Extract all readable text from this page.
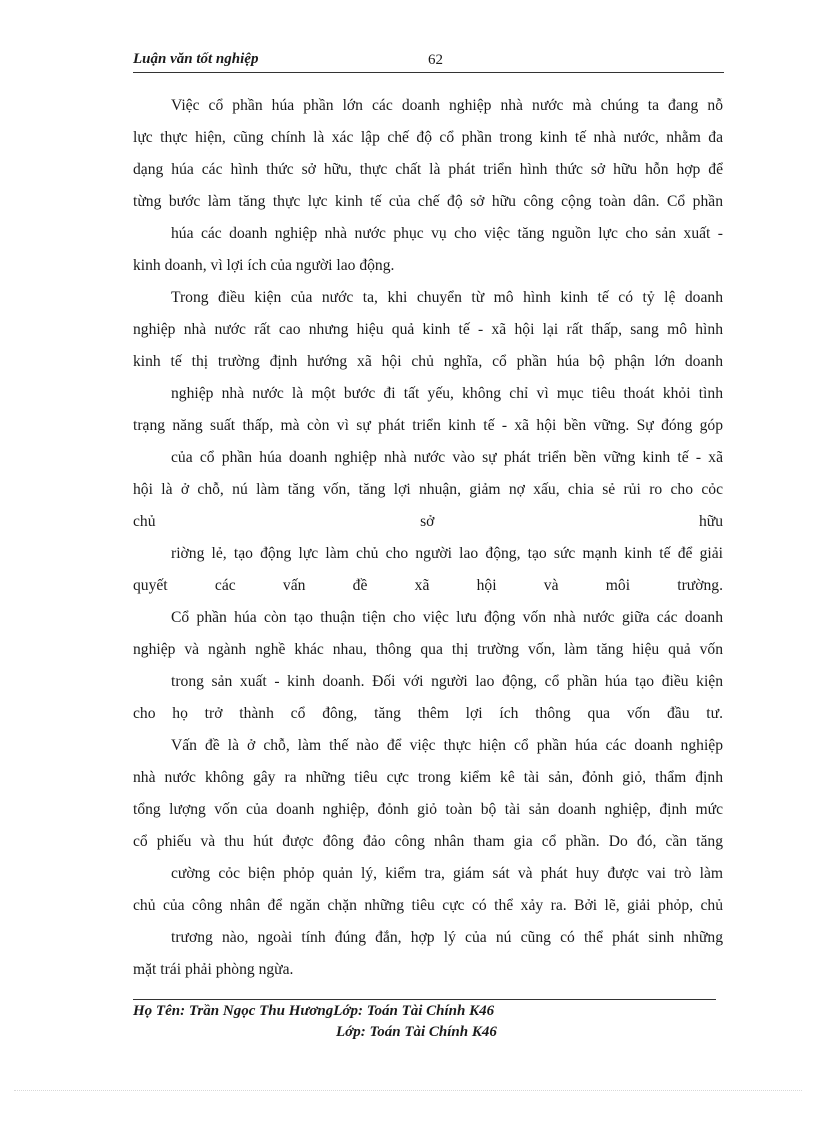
Luận văn tốt nghiệp	62
Việc cổ phần húa phần lớn các doanh nghiệp nhà nước mà chúng ta đang nỗ
lực thực hiện, cũng chính là xác lập chế độ cổ phần trong kinh tế nhà nước, nhằm đa
dạng húa các hình thức sở hữu, thực chất là phát triển hình thức sở hữu hỗn hợp để
từng bước làm tăng thực lực kinh tế của chế độ sở hữu công cộng toàn dân. Cổ phần
húa các doanh nghiệp nhà nước phục vụ cho việc tăng nguồn lực cho sản xuất -
kinh doanh, vì lợi ích của người lao động.
Trong điều kiện của nước ta, khi chuyển từ mô hình kinh tế có tỷ lệ doanh
nghiệp nhà nước rất cao nhưng hiệu quả kinh tế - xã hội lại rất thấp, sang mô hình
kinh tế thị trường định hướng xã hội chủ nghĩa, cổ phần húa bộ phận lớn doanh
nghiệp nhà nước là một bước đi tất yếu, không chỉ vì mục tiêu thoát khỏi tình
trạng năng suất thấp, mà còn vì sự phát triển kinh tế - xã hội bền vững. Sự đóng góp
của cổ phần húa doanh nghiệp nhà nước vào sự phát triển bền vững kinh tế - xã
hội là ở chỗ, nú làm tăng vốn, tăng lợi nhuận, giảm nợ xấu, chia sẻ rủi ro cho cỏc
chủ sở hữu
riờng lẻ, tạo động lực làm chủ cho người lao động, tạo sức mạnh kinh tế để giải
quyết các vấn đề xã hội và môi trường.
Cổ phần húa còn tạo thuận tiện cho việc lưu động vốn nhà nước giữa các doanh
nghiệp và ngành nghề khác nhau, thông qua thị trường vốn, làm tăng hiệu quả vốn
trong sản xuất - kinh doanh. Đối với người lao động, cổ phần húa tạo điều kiện
cho họ trở thành cổ đông, tăng thêm lợi ích thông qua vốn đầu tư.
Vấn đề là ở chỗ, làm thế nào để việc thực hiện cổ phần húa các doanh nghiệp
nhà nước không gây ra những tiêu cực trong kiểm kê tài sản, đỏnh giỏ, thẩm định
tổng lượng vốn của doanh nghiệp, đỏnh giỏ toàn bộ tài sản doanh nghiệp, định mức
cổ phiếu và thu hút được đông đảo công nhân tham gia cổ phần. Do đó, cần tăng
cường cỏc biện phỏp quản lý, kiểm tra, giám sát và phát huy được vai trò làm
chủ của công nhân để ngăn chặn những tiêu cực có thể xảy ra. Bởi lẽ, giải phỏp, chủ
trương nào, ngoài tính đúng đắn, hợp lý của nú cũng có thể phát sinh những
mặt trái phải phòng ngừa.
Họ Tên: Trần Ngọc Thu HươngLớp: Toán Tài Chính K46
Lớp: Toán Tài Chính K46
